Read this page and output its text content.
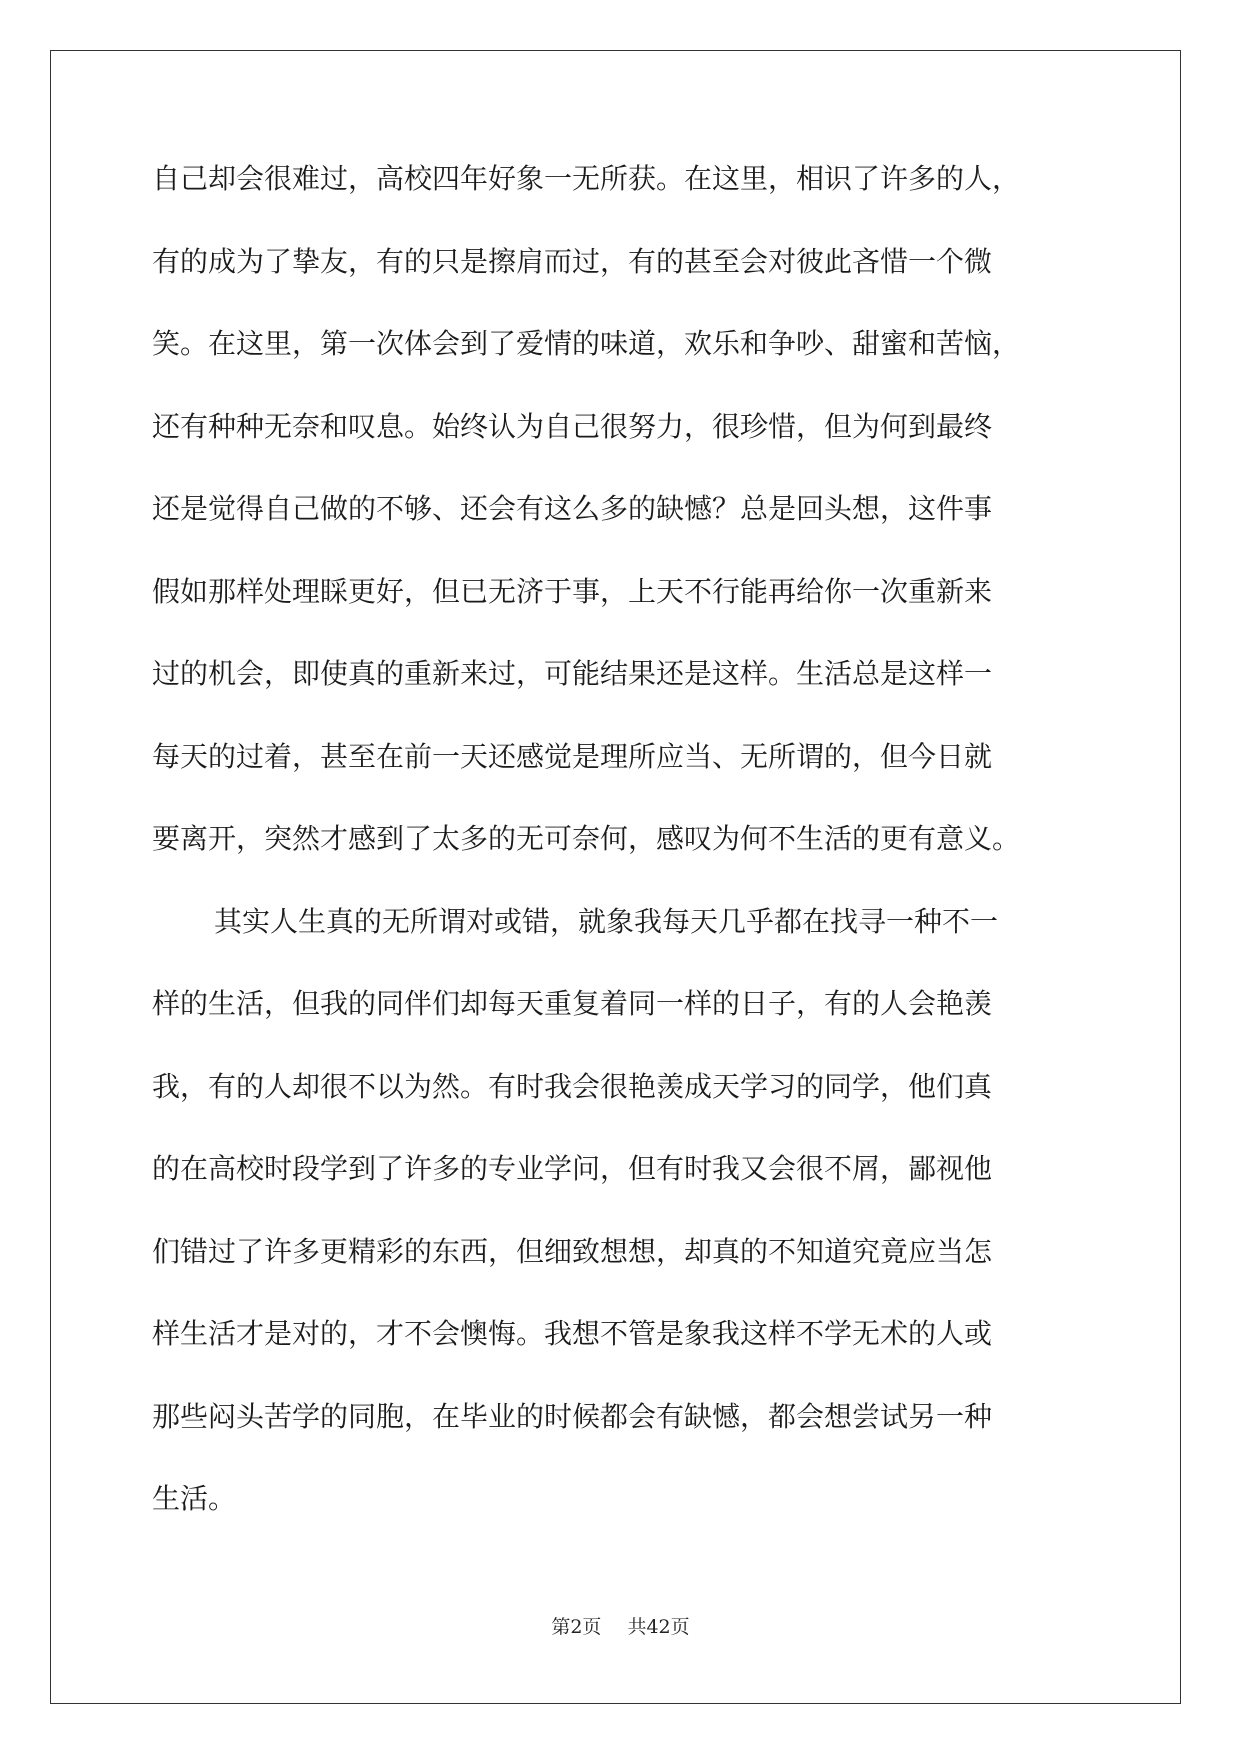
自己却会很难过，高校四年好象一无所获。在这里，相识了许多的人，
有的成为了挚友，有的只是擦肩而过，有的甚至会对彼此吝惜一个微
笑。在这里，第一次体会到了爱情的味道，欢乐和争吵、甜蜜和苦恼，
还有种种无奈和叹息。始终认为自己很努力，很珍惜，但为何到最终
还是觉得自己做的不够、还会有这么多的缺憾？总是回头想，这件事
假如那样处理睬更好，但已无济于事，上天不行能再给你一次重新来
过的机会，即使真的重新来过，可能结果还是这样。生活总是这样一
每天的过着，甚至在前一天还感觉是理所应当、无所谓的，但今日就
要离开，突然才感到了太多的无可奈何，感叹为何不生活的更有意义。
其实人生真的无所谓对或错，就象我每天几乎都在找寻一种不一
样的生活，但我的同伴们却每天重复着同一样的日子，有的人会艳羡
我，有的人却很不以为然。有时我会很艳羡成天学习的同学，他们真
的在高校时段学到了许多的专业学问，但有时我又会很不屑，鄙视他
们错过了许多更精彩的东西，但细致想想，却真的不知道究竟应当怎
样生活才是对的，才不会懊悔。我想不管是象我这样不学无术的人或
那些闷头苦学的同胞，在毕业的时候都会有缺憾，都会想尝试另一种
生活。
第2页 共42页
